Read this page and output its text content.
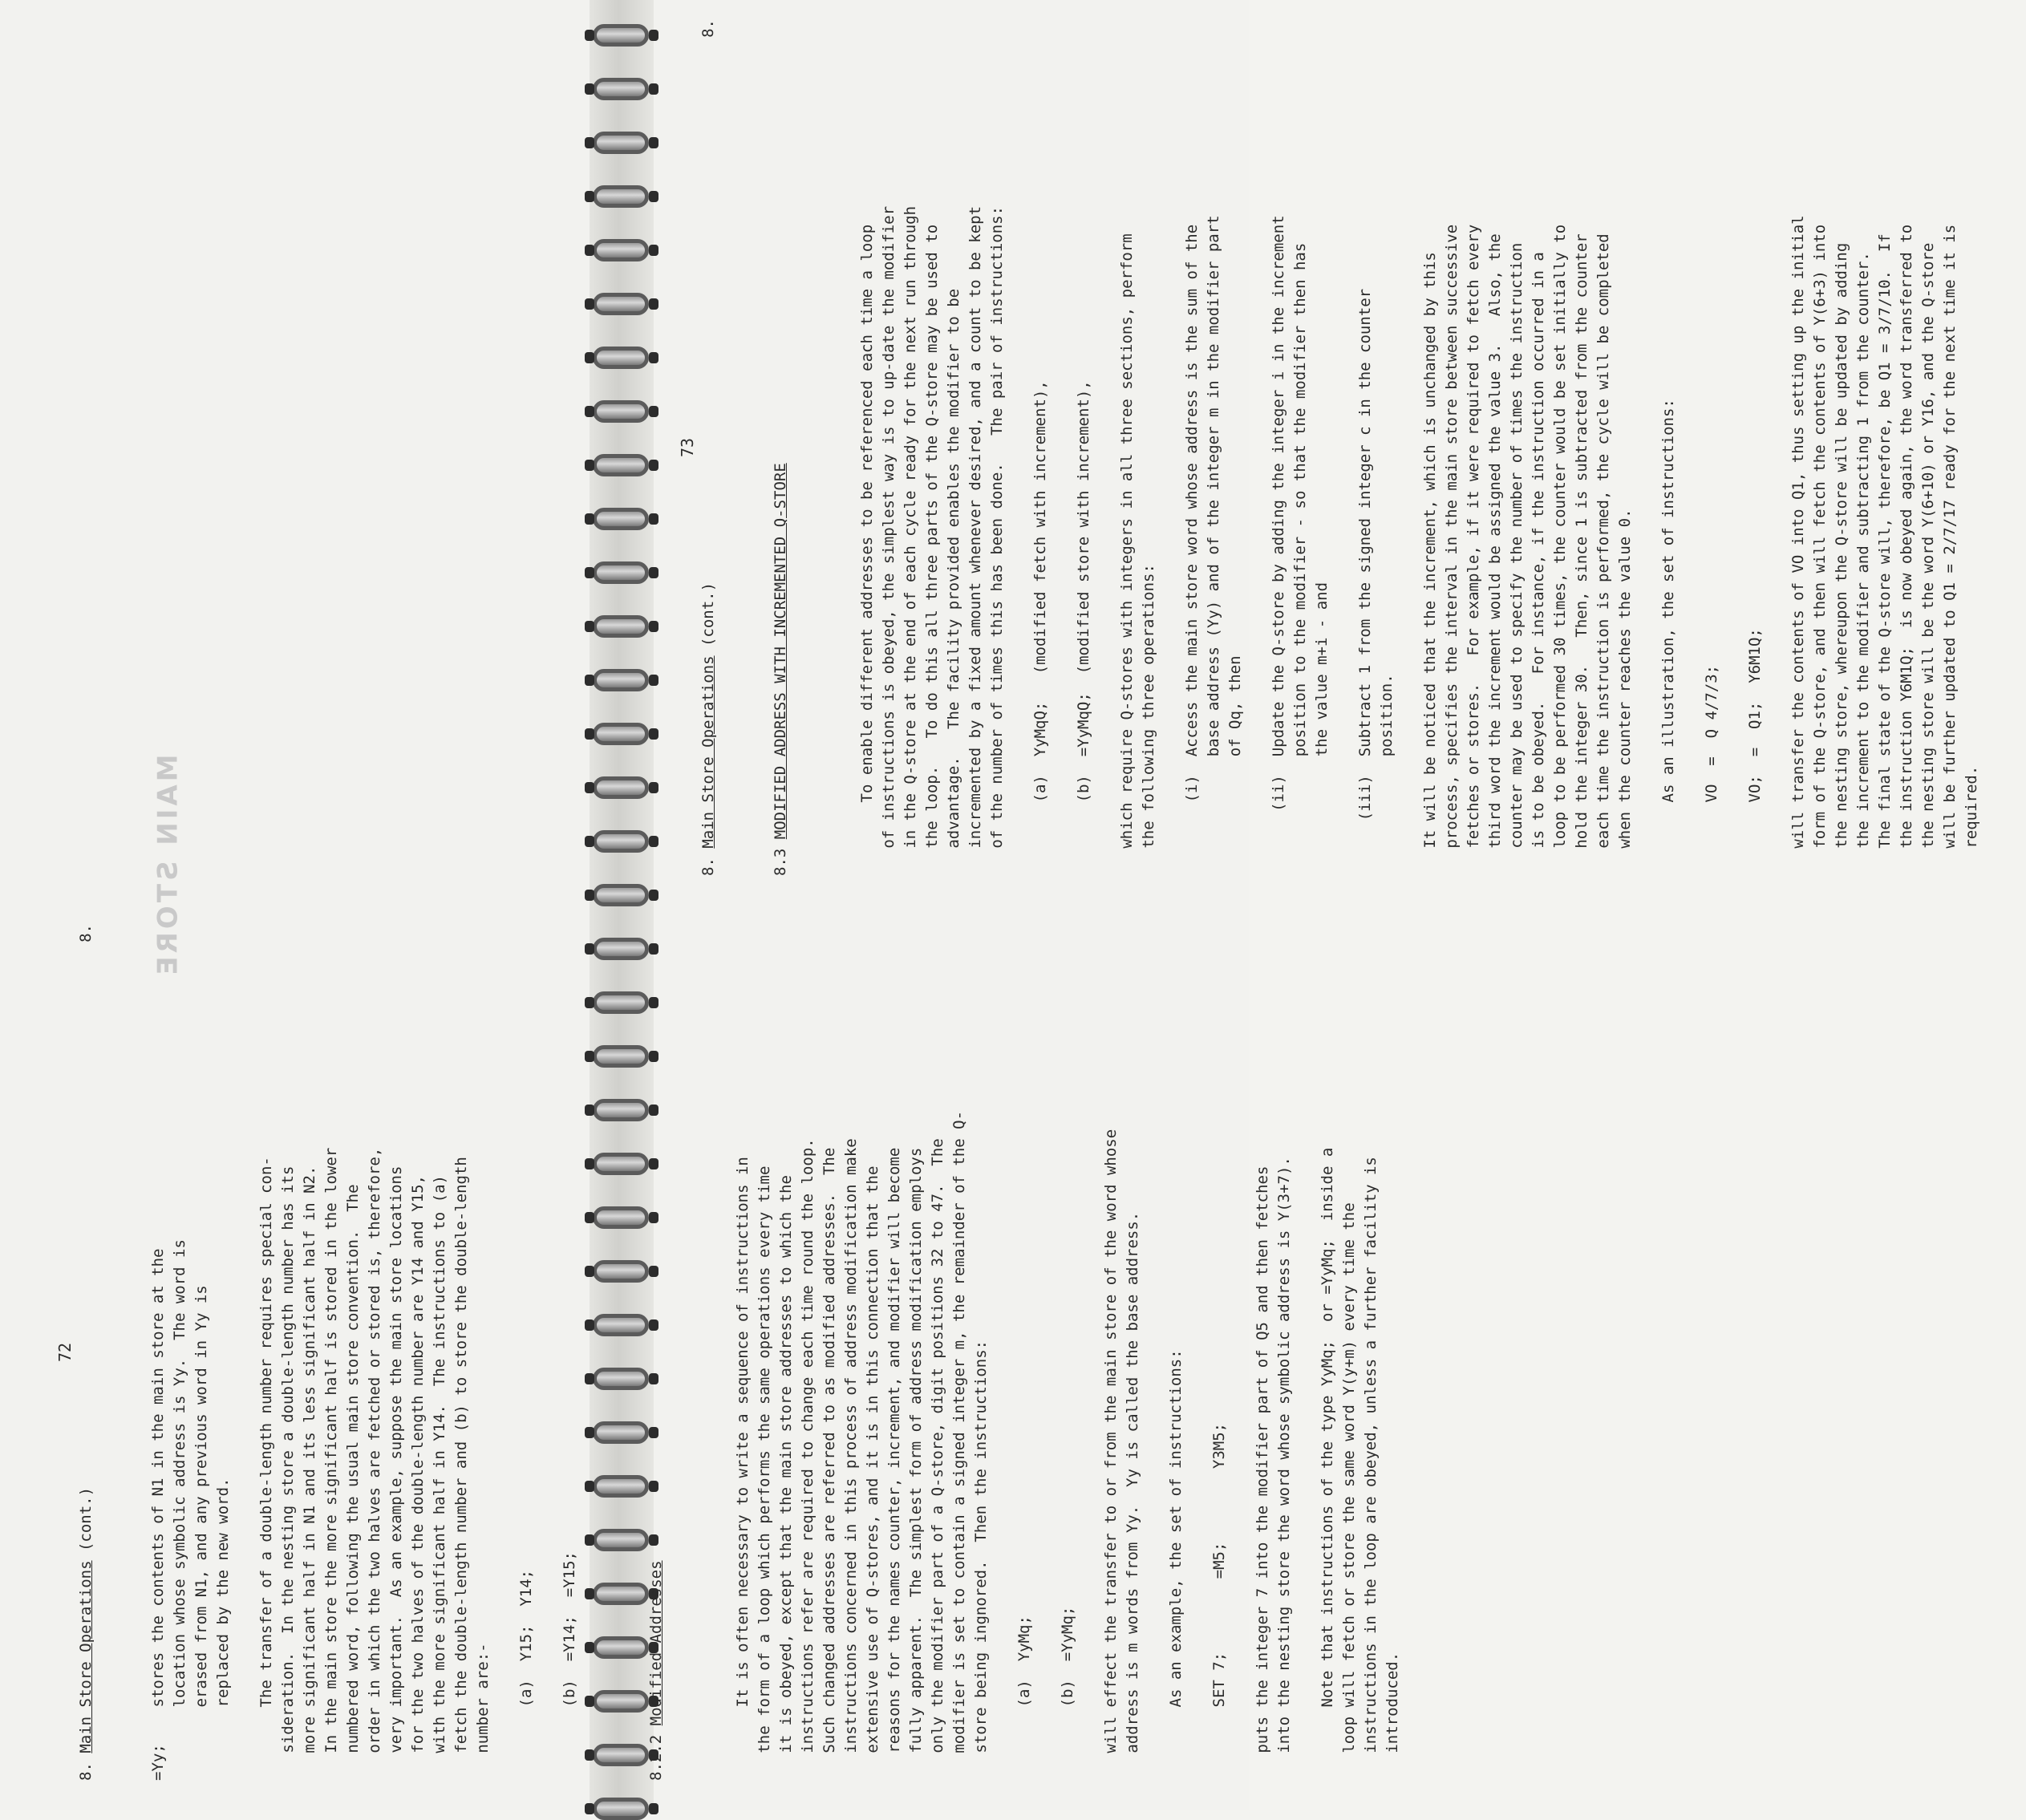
MAIN STORE

8. Main Store Operations (cont.)

72

8.

=Yy;    stores the contents of N1 in the main store at the location whose symbolic address is Yy.  The word is erased from N1, and any previous word in Yy is replaced by the new word.
The transfer of a double-length number requires special con- sideration.  In the nesting store a double-length number has its more significant half in N1 and its less significant half in N2. In the main store the more significant half is stored in the lower numbered word, following the usual main store convention.  The order in which the two halves are fetched or stored is, therefore, very important.  As an example, suppose the main store locations for the two halves of the double-length number are Y14 and Y15, with the more significant half in Y14.  The instructions to (a) fetch the double-length number and (b) to store the double-length number are:-
(a)  Y15;  Y14;
(b)  =Y14;  =Y15;

	8.2.2 Modified Addresses

	It is often necessary to write a sequence of instructions in the form of a loop which performs the same operations every time it is obeyed, except that the main store addresses to which the instructions refer are required to change each time round the loop. Such changed addresses are referred to as modified addresses.  The instructions concerned in this process of address modification make extensive use of Q-stores, and it is in this connection that the reasons for the names counter, increment, and modifier will become fully apparent.  The simplest form of address modification employs only the modifier part of a Q-store, digit positions 32 to 47.  The modifier is set to contain a signed integer m, the remainder of the Q- store being ingnored.  Then the instructions:
(a)  YyMq;
(b)  =YyMq;
will effect the transfer to or from the main store of the word whose address is m words from Yy.  Yy is called the base address.
As an example, the set of instructions:
SET 7;        =M5;        Y3M5;
puts the integer 7 into the modifier part of Q5 and then fetches into the nesting store the word whose symbolic address is Y(3+7).
Note that instructions of the type YyMq;  or =YyMq;  inside a loop will fetch or store the same word Y(y+m) every time the instructions in the loop are obeyed, unless a further facility is introduced.

8. Main Store Operations (cont.)

73

8.

8.3 MODIFIED ADDRESS WITH INCREMENTED Q-STORE

	To enable different addresses to be referenced each time a loop of instructions is obeyed, the simplest way is to up-date the modifier in the Q-store at the end of each cycle ready for the next run through the loop.   To do this all three parts of the Q-store may be used to advantage.   The facility provided enables the modifier to be incremented by a fixed amount whenever desired, and a count to be kept of the number of times this has been done.   The pair of instructions:
(a)  YyMqQ;   (modified fetch with increment),
(b)  =YyMqQ;  (modified store with increment),
which require Q-stores with integers in all three sections, perform the following three operations:
(i)  Access the main store word whose address is the sum of the base address (Yy) and of the integer m in the modifier part of Qq, then
(ii)  Update the Q-store by adding the integer i in the increment position to the modifier - so that the modifier then has the value m+i - and
(iii)  Subtract 1 from the signed integer c in the counter position.
It will be noticed that the increment, which is unchanged by this process, specifies the interval in the main store between successive fetches or stores.   For example, if it were required to fetch every third word the increment would be assigned the value 3.   Also, the counter may be used to specify the number of times the instruction is to be obeyed.   For instance, if the instruction occurred in a loop to be performed 30 times, the counter would be set initially to hold the integer 30.   Then, since 1 is subtracted from the counter each time the instruction is performed, the cycle will be completed when the counter reaches the value 0.
As an illustration, the set of instructions:
VO  =  Q 4/7/3;
VO;  =  Q1;  Y6M1Q;
will transfer the contents of VO into Q1, thus setting up the initial form of the Q-store, and then will fetch the contents of Y(6+3) into the nesting store, whereupon the Q-store will be updated by adding the increment to the modifier and subtracting 1 from the counter. The final state of the Q-store will, therefore, be Q1 = 3/7/10.  If the instruction Y6M1Q;  is now obeyed again, the word transferred to the nesting store will be the word Y(6+10) or Y16, and the Q-store will be further updated to Q1 = 2/7/17 ready for the next time it is required.
